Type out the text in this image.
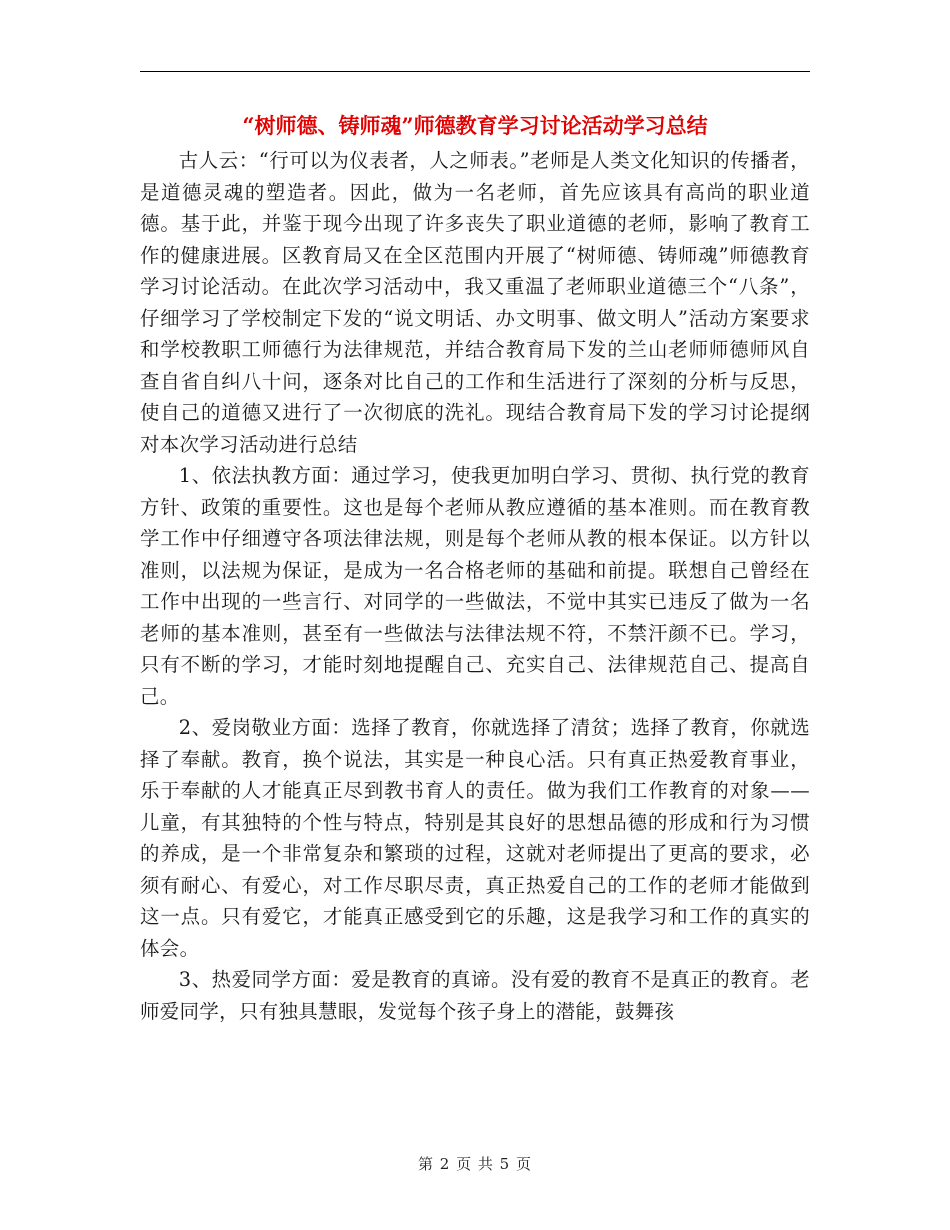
“树师德、铸师魂”师德教育学习讨论活动学习总结

古人云：“行可以为仪表者，人之师表。”老师是人类文化知识的传播者，是道德灵魂的塑造者。因此，做为一名老师，首先应该具有高尚的职业道德。基于此，并鉴于现今出现了许多丧失了职业道德的老师，影响了教育工作的健康进展。区教育局又在全区范围内开展了“树师德、铸师魂”师德教育学习讨论活动。在此次学习活动中，我又重温了老师职业道德三个“八条”，仔细学习了学校制定下发的“说文明话、办文明事、做文明人”活动方案要求和学校教职工师德行为法律规范，并结合教育局下发的兰山老师师德师风自查自省自纠八十问，逐条对比自己的工作和生活进行了深刻的分析与反思，使自己的道德又进行了一次彻底的洗礼。现结合教育局下发的学习讨论提纲对本次学习活动进行总结

1、依法执教方面：通过学习，使我更加明白学习、贯彻、执行党的教育方针、政策的重要性。这也是每个老师从教应遵循的基本准则。而在教育教学工作中仔细遵守各项法律法规，则是每个老师从教的根本保证。以方针以准则，以法规为保证，是成为一名合格老师的基础和前提。联想自己曾经在工作中出现的一些言行、对同学的一些做法，不觉中其实已违反了做为一名老师的基本准则，甚至有一些做法与法律法规不符，不禁汗颜不已。学习，只有不断的学习，才能时刻地提醒自己、充实自己、法律规范自己、提高自己。

2、爱岗敬业方面：选择了教育，你就选择了清贫；选择了教育，你就选择了奉献。教育，换个说法，其实是一种良心活。只有真正热爱教育事业，乐于奉献的人才能真正尽到教书育人的责任。做为我们工作教育的对象——儿童，有其独特的个性与特点，特别是其良好的思想品德的形成和行为习惯的养成，是一个非常复杂和繁琐的过程，这就对老师提出了更高的要求，必须有耐心、有爱心，对工作尽职尽责，真正热爱自己的工作的老师才能做到这一点。只有爱它，才能真正感受到它的乐趣，这是我学习和工作的真实的体会。

3、热爱同学方面：爱是教育的真谛。没有爱的教育不是真正的教育。老师爱同学，只有独具慧眼，发觉每个孩子身上的潜能，鼓舞孩

第 2 页 共 5 页
